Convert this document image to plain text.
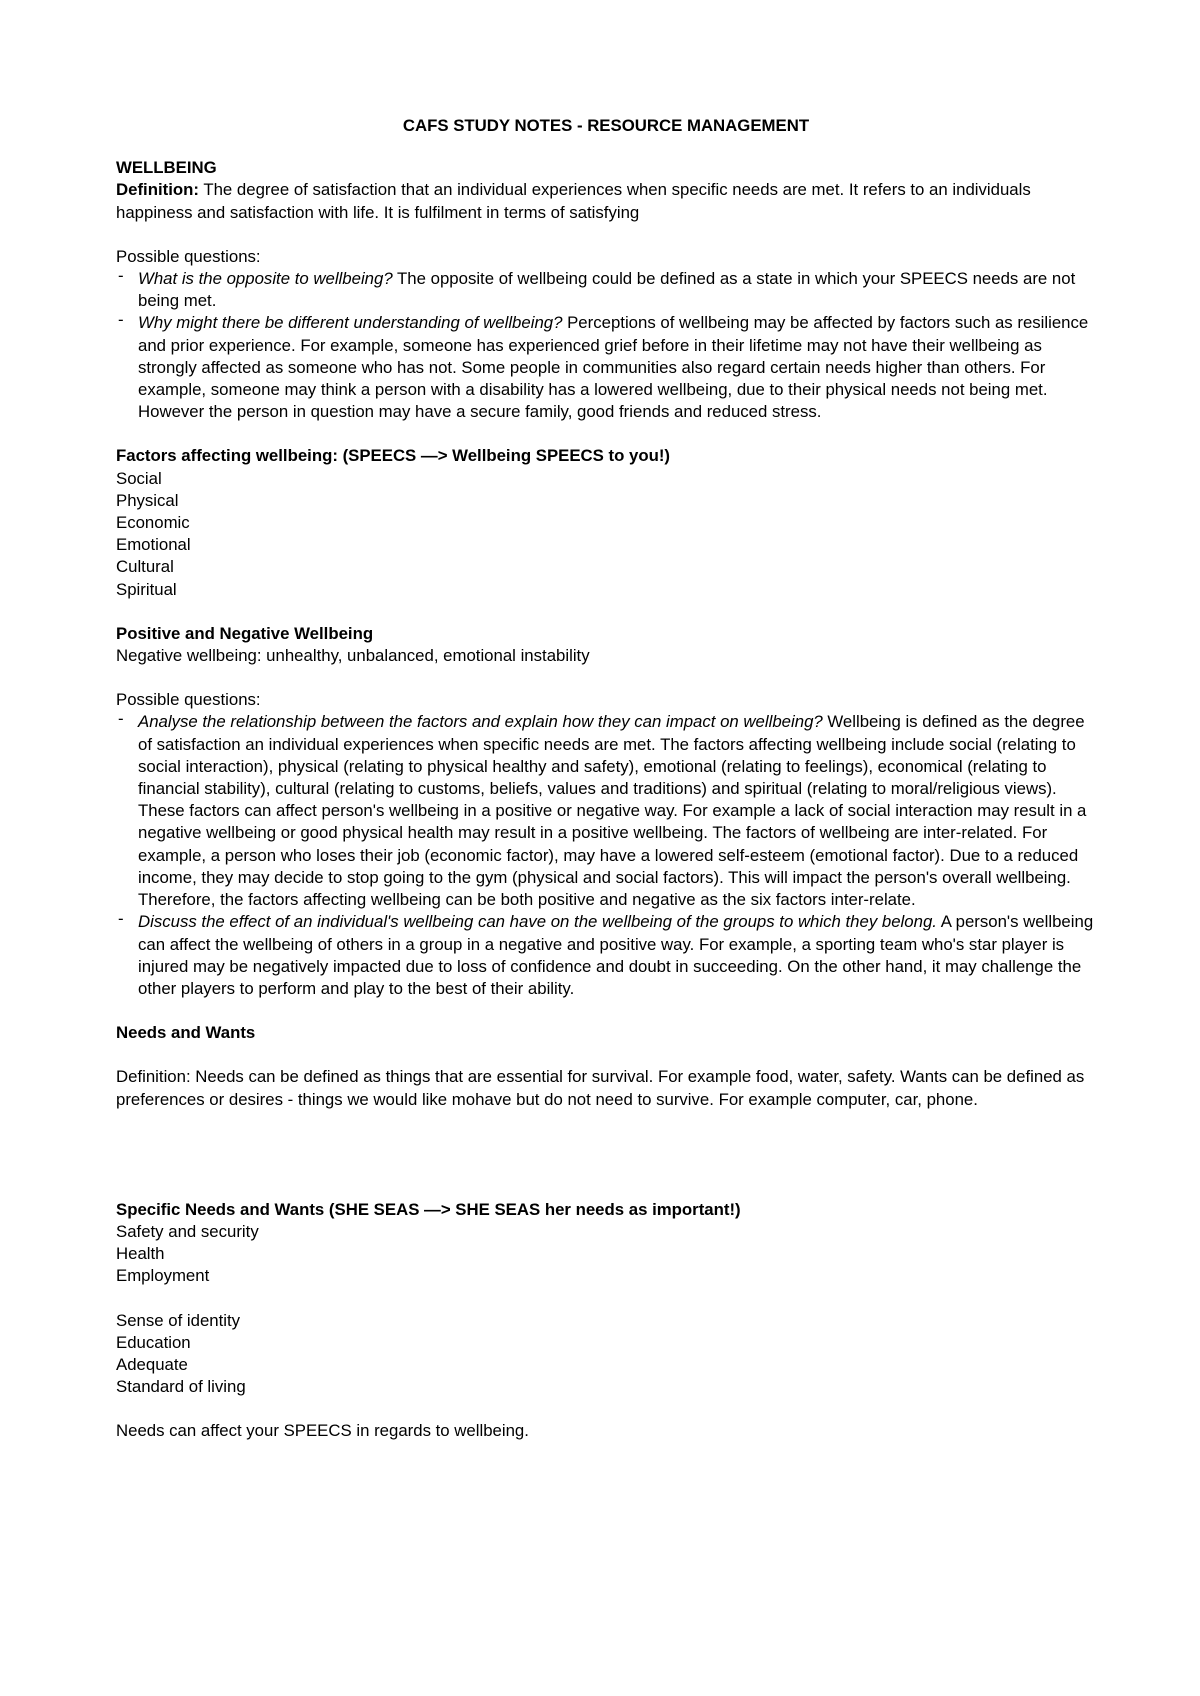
CAFS STUDY NOTES - RESOURCE MANAGEMENT

WELLBEING

Definition: The degree of satisfaction that an individual experiences when specific needs are met. It refers to an individuals happiness and satisfaction with life. It is fulfilment in terms of satisfying

Possible questions:

- What is the opposite to wellbeing? The opposite of wellbeing could be defined as a state in which your SPEECS needs are not being met.
- Why might there be different understanding of wellbeing? Perceptions of wellbeing may be affected by factors such as resilience and prior experience. For example, someone has experienced grief before in their lifetime may not have their wellbeing as strongly affected as someone who has not. Some people in communities also regard certain needs higher than others. For example, someone may think a person with a disability has a lowered wellbeing, due to their physical needs not being met. However the person in question may have a secure family, good friends and reduced stress.

Factors affecting wellbeing: (SPEECS —> Wellbeing SPEECS to you!)

Social
Physical
Economic
Emotional
Cultural
Spiritual

Positive and Negative Wellbeing

Negative wellbeing: unhealthy, unbalanced, emotional instability

Possible questions:

- Analyse the relationship between the factors and explain how they can impact on wellbeing? Wellbeing is defined as the degree of satisfaction an individual experiences when specific needs are met. The factors affecting wellbeing include social (relating to social interaction), physical (relating to physical healthy and safety), emotional (relating to feelings), economical (relating to financial stability), cultural (relating to customs, beliefs, values and traditions) and spiritual (relating to moral/religious views). These factors can affect person's wellbeing in a positive or negative way. For example a lack of social interaction may result in a negative wellbeing or good physical health may result in a positive wellbeing. The factors of wellbeing are inter-related. For example, a person who loses their job (economic factor), may have a lowered self-esteem (emotional factor). Due to a reduced income, they may decide to stop going to the gym (physical and social factors). This will impact the person's overall wellbeing. Therefore, the factors affecting wellbeing can be both positive and negative as the six factors inter-relate.
- Discuss the effect of an individual's wellbeing can have on the wellbeing of the groups to which they belong. A person's wellbeing can affect the wellbeing of others in a group in a negative and positive way. For example, a sporting team who's star player is injured may be negatively impacted due to loss of confidence and doubt in succeeding. On the other hand, it may challenge the other players to perform and play to the best of their ability.

Needs and Wants

Definition: Needs can be defined as things that are essential for survival. For example food, water, safety. Wants can be defined as preferences or desires - things we would like mohave but do not need to survive. For example computer, car, phone.

Specific Needs and Wants (SHE SEAS —> SHE SEAS her needs as important!)

Safety and security
Health
Employment
Sense of identity
Education
Adequate
Standard of living

Needs can affect your SPEECS in regards to wellbeing.
